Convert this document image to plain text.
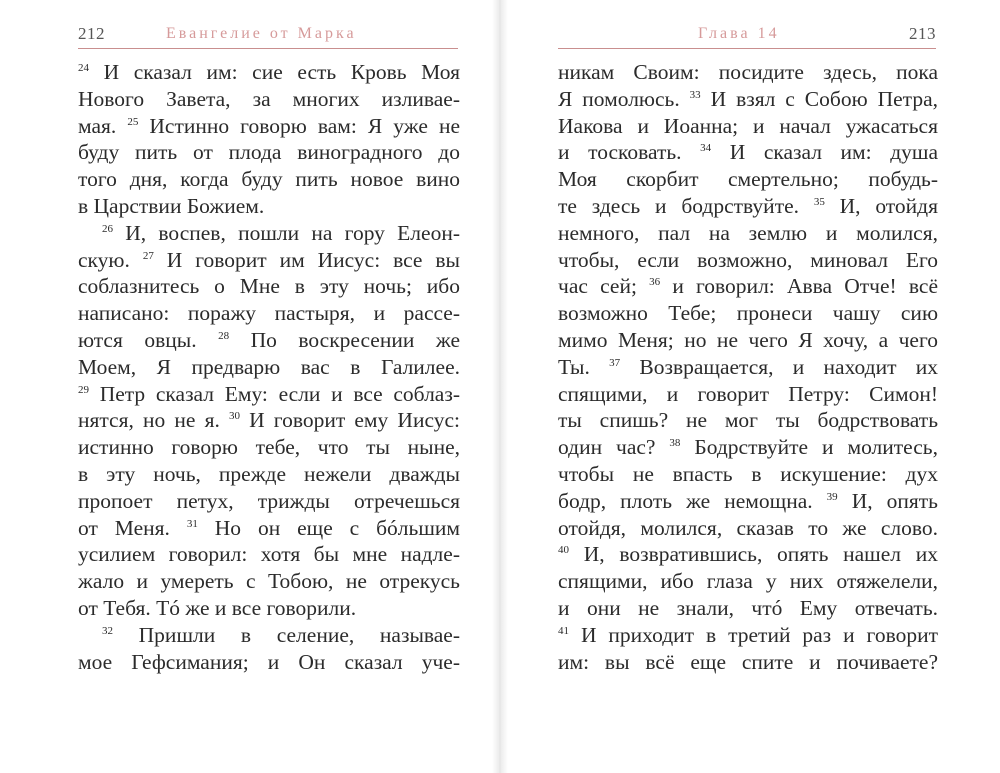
212	Евангелие от Марка
$^{24}$ И сказал им: сие есть Кровь Моя
Нового Завета, за многих изливае-
мая. $^{25}$ Истинно говорю вам: Я уже не
буду пить от плода виноградного до
того дня, когда буду пить новое вино
в Царствии Божием.
$^{26}$ И, воспев, пошли на гору Елеон-
скую. $^{27}$ И говорит им Иисус: все вы
соблазнитесь о Мне в эту ночь; ибо
написано: поражу пастыря, и рассе-
ются овцы. $^{28}$ По воскресении же
Моем, Я предварю вас в Галилее.
$^{29}$ Петр сказал Ему: если и все соблаз-
нятся, но не я. $^{30}$ И говорит ему Иисус:
истинно говорю тебе, что ты ныне,
в эту ночь, прежде нежели дважды
пропоет петух, трижды отречешься
от Меня. $^{31}$ Но он еще с бóльшим
усилием говорил: хотя бы мне надле-
жало и умереть с Тобою, не отрекусь
от Тебя. Тó же и все говорили.
$^{32}$ Пришли в селение, называе-
мое Гефсимания; и Он сказал уче-
Глава 14	213
никам Своим: посидите здесь, пока
Я помолюсь. $^{33}$ И взял с Собою Петра,
Иакова и Иоанна; и начал ужасаться
и тосковать. $^{34}$ И сказал им: душа
Моя скорбит смертельно; побудь-
те здесь и бодрствуйте. $^{35}$ И, отойдя
немного, пал на землю и молился,
чтобы, если возможно, миновал Его
час сей; $^{36}$ и говорил: Авва Отче! всё
возможно Тебе; пронеси чашу сию
мимо Меня; но не чего Я хочу, а чего
Ты. $^{37}$ Возвращается, и находит их
спящими, и говорит Петру: Симон!
ты спишь? не мог ты бодрствовать
один час? $^{38}$ Бодрствуйте и молитесь,
чтобы не впасть в искушение: дух
бодр, плоть же немощна. $^{39}$ И, опять
отойдя, молился, сказав то же слово.
$^{40}$ И, возвратившись, опять нашел их
спящими, ибо глаза у них отяжелели,
и они не знали, чтó Ему отвечать.
$^{41}$ И приходит в третий раз и говорит
им: вы всё еще спите и почиваете?
